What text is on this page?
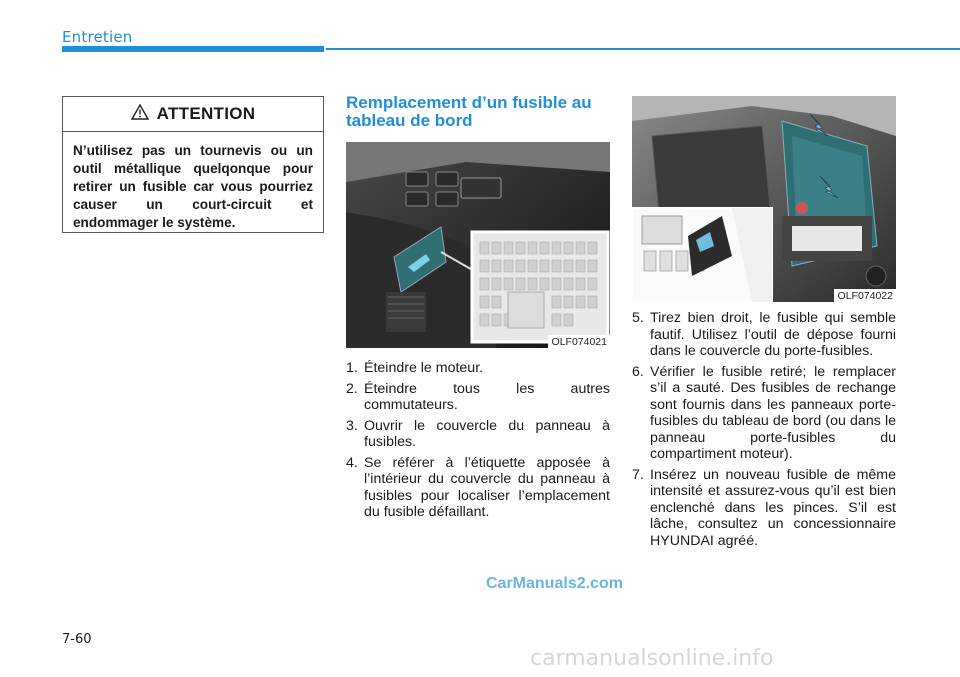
Entretien
ATTENTION
N’utilisez pas un tournevis ou un outil métallique quelqonque pour retirer un fusible car vous pourriez causer un court-circuit et endommager le système.
Remplacement d’un fusible au tableau de bord
OLF074021
OLF074022
1. Éteindre le moteur.
2. Éteindre tous les autres commutateurs.
3. Ouvrir le couvercle du panneau à fusibles.
4. Se référer à l’étiquette apposée à l’intérieur du couvercle du panneau à fusibles pour localiser l’emplacement du fusible défaillant.
5. Tirez bien droit, le fusible qui semble fautif. Utilisez l’outil de dépose fourni dans le couvercle du porte-fusibles.
6. Vérifier le fusible retiré; le remplacer s’il a sauté. Des fusibles de rechange sont fournis dans les panneaux porte-fusibles du tableau de bord (ou dans le panneau porte-fusibles du compartiment moteur).
7. Insérez un nouveau fusible de même intensité et assurez-vous qu’il est bien enclenché dans les pinces. S’il est lâche, consultez un concessionnaire HYUNDAI agréé.
CarManuals2.com
7-60
carmanualsonline.info
